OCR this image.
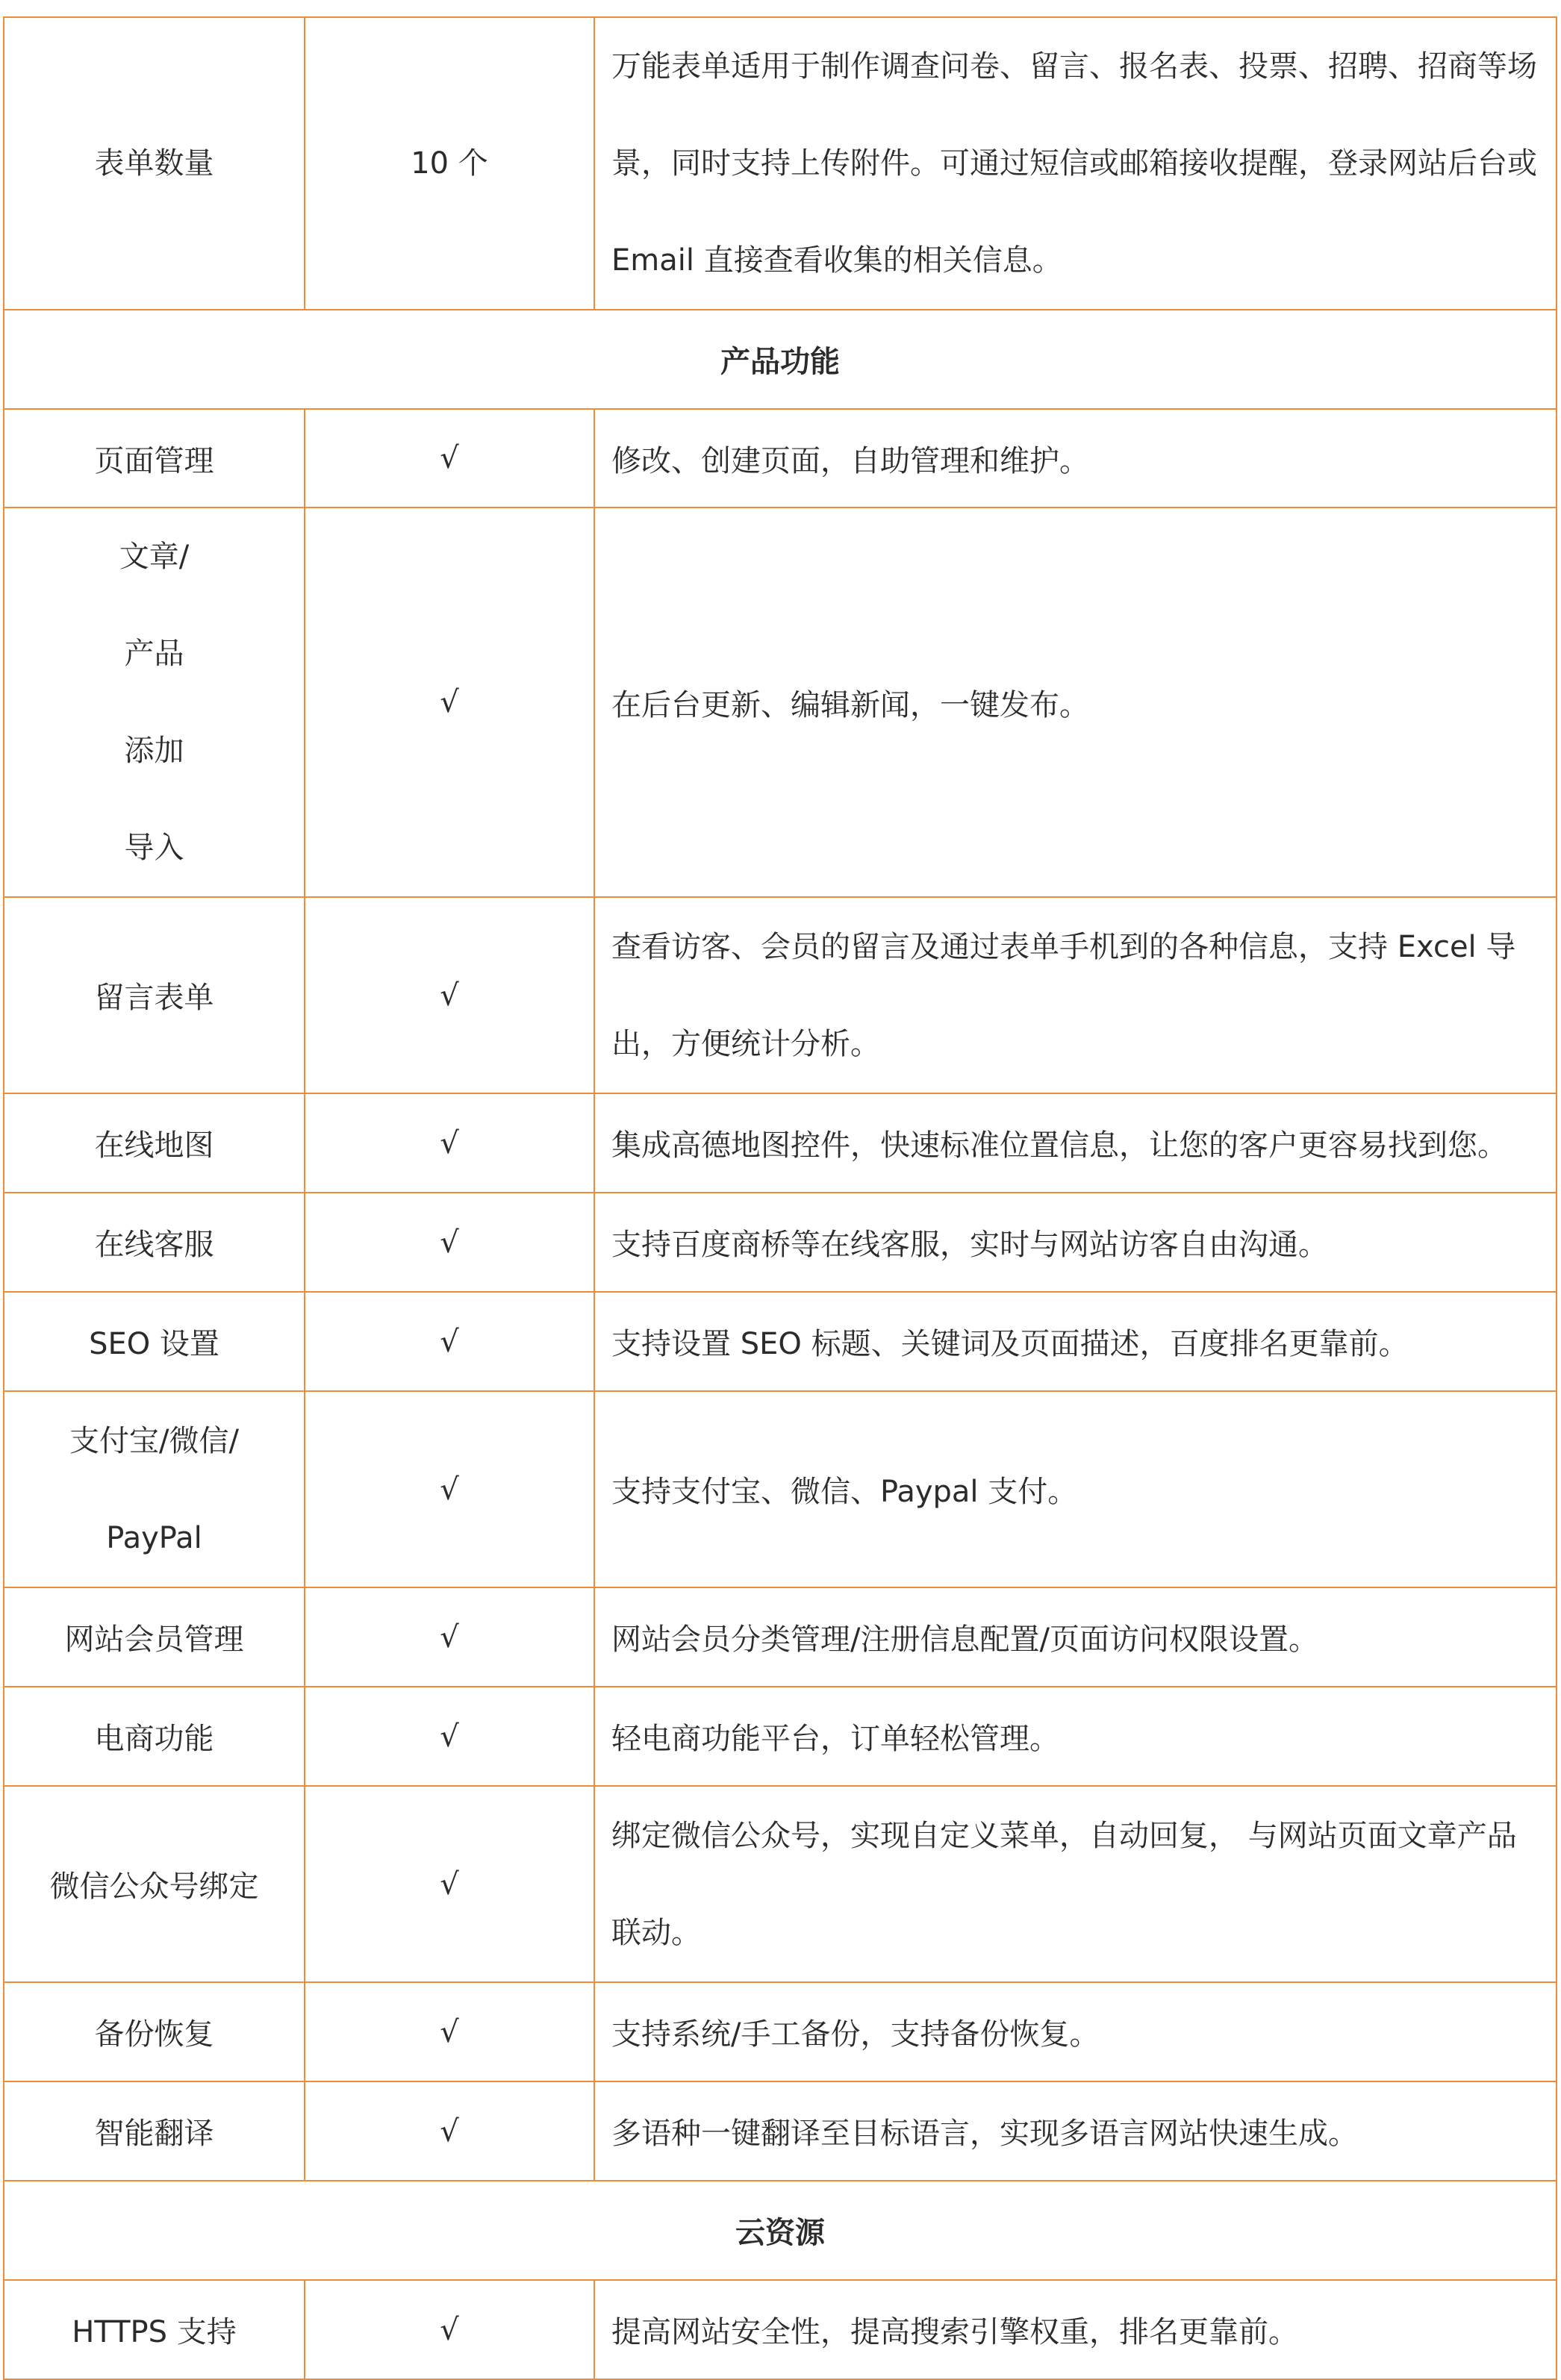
表单数量	10 个	万能表单适用于制作调查问卷、留言、报名表、投票、招聘、招商等场景，同时支持上传附件。可通过短信或邮箱接收提醒，登录网站后台或 Email 直接查看收集的相关信息。

产品功能		
页面管理	√	修改、创建页面，自助管理和维护。

文章/产品添加导入	√	在后台更新、编辑新闻，一键发布。
留言表单	√	查看访客、会员的留言及通过表单手机到的各种信息，支持 Excel 导出，方便统计分析。

在线地图	√	集成高德地图控件，快速标准位置信息，让您的客户更容易找到您。
在线客服	√	支持百度商桥等在线客服，实时与网站访客自由沟通。
SEO 设置	√	支持设置 SEO 标题、关键词及页面描述，百度排名更靠前。

支付宝/微信/PayPal	√	支持支付宝、微信、Paypal 支付。
网站会员管理	√	网站会员分类管理/注册信息配置/页面访问权限设置。
电商功能	√	轻电商功能平台，订单轻松管理。
微信公众号绑定	√	绑定微信公众号，实现自定义菜单，自动回复， 与网站页面文章产品联动。

备份恢复	√	支持系统/手工备份，支持备份恢复。
智能翻译	√	多语种一键翻译至目标语言，实现多语言网站快速生成。
云资源		
HTTPS 支持	√	提高网站安全性，提高搜索引擎权重，排名更靠前。
